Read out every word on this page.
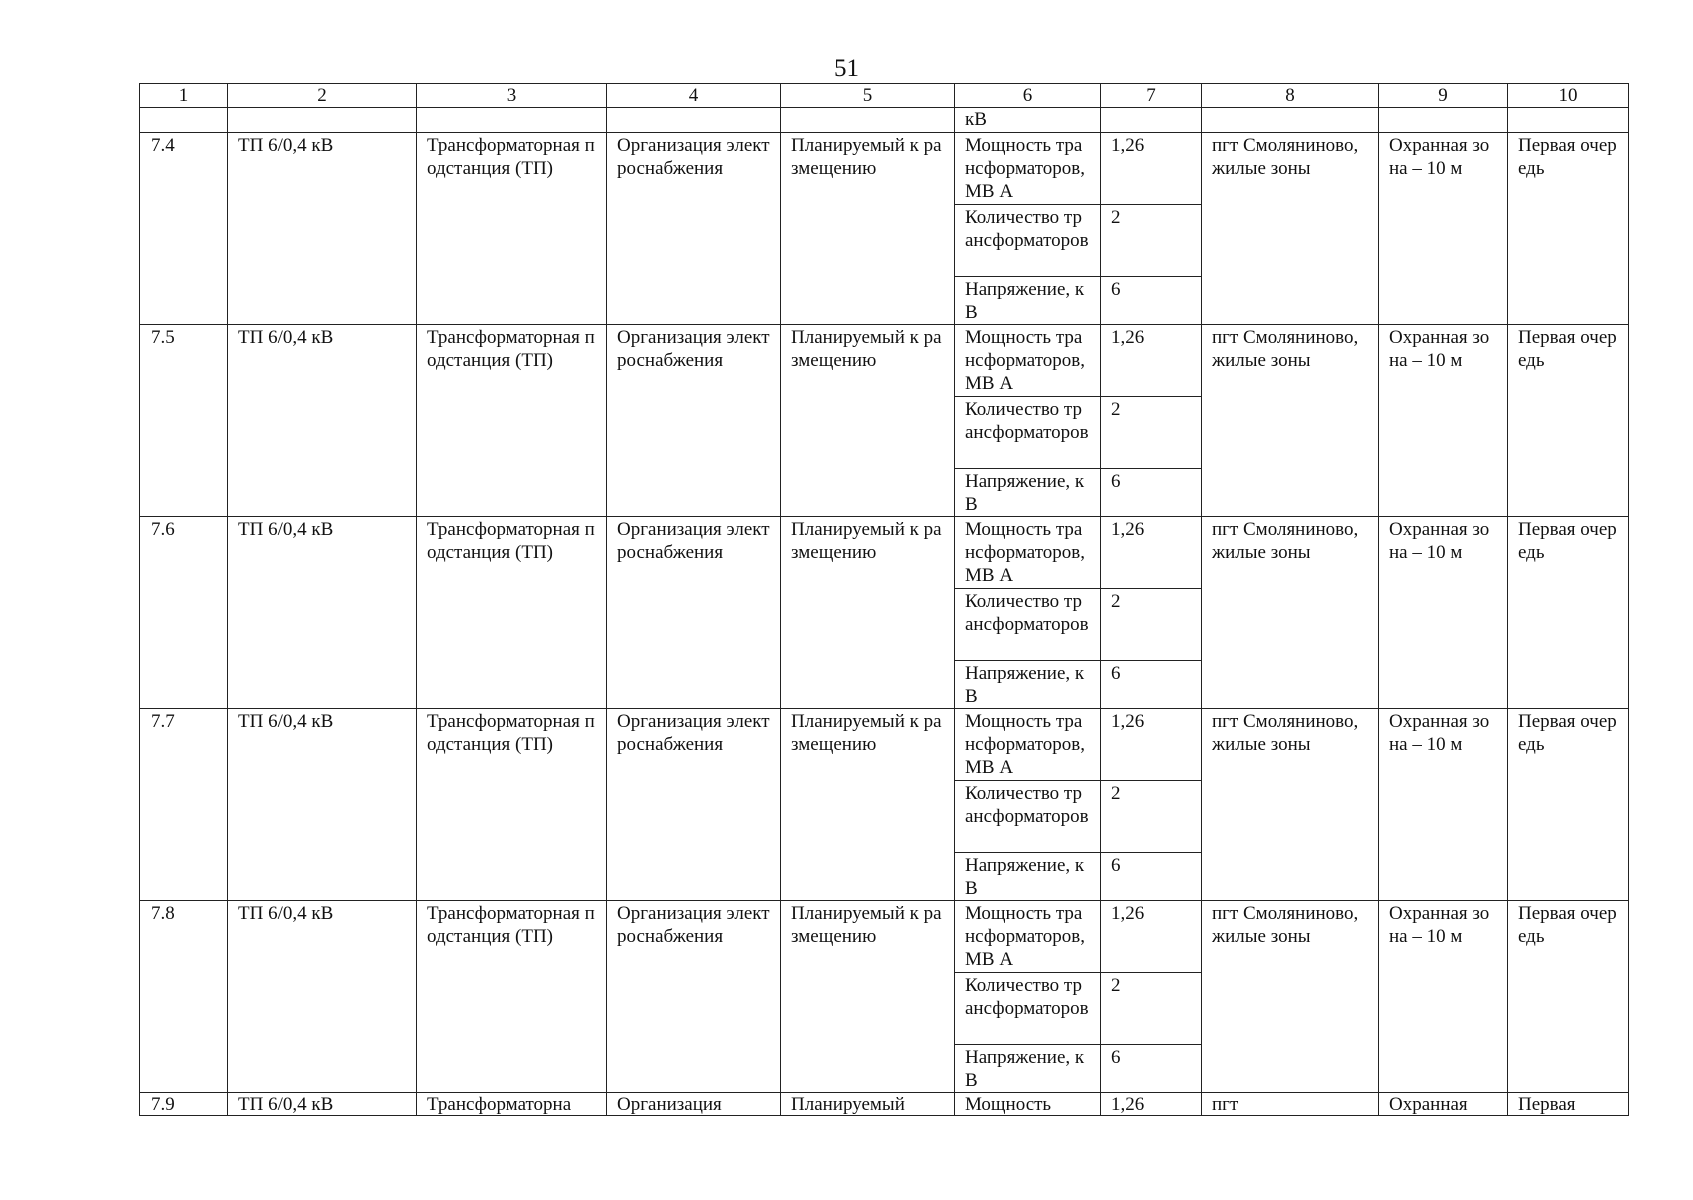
51
1	2	3	4	5	6	7	8	9	10
					кВ				
7.4	ТП 6/0,4 кВ	Трансформаторная подстанция (ТП)	Организация электроснабжения	Планируемый к размещению	Мощность трансформаторов, МВ А	1,26	пгт Смоляниново, жилые зоны	Охранная зона – 10 м	Первая очередь
					Количество трансформаторов	2			
					Напряжение, кВ	6			
7.5	ТП 6/0,4 кВ	Трансформаторная подстанция (ТП)	Организация электроснабжения	Планируемый к размещению	Мощность трансформаторов, МВ А	1,26	пгт Смоляниново, жилые зоны	Охранная зона – 10 м	Первая очередь
					Количество трансформаторов	2			
					Напряжение, кВ	6			
7.6	ТП 6/0,4 кВ	Трансформаторная подстанция (ТП)	Организация электроснабжения	Планируемый к размещению	Мощность трансформаторов, МВ А	1,26	пгт Смоляниново, жилые зоны	Охранная зона – 10 м	Первая очередь
					Количество трансформаторов	2			
					Напряжение, кВ	6			
7.7	ТП 6/0,4 кВ	Трансформаторная подстанция (ТП)	Организация электроснабжения	Планируемый к размещению	Мощность трансформаторов, МВ А	1,26	пгт Смоляниново, жилые зоны	Охранная зона – 10 м	Первая очередь
					Количество трансформаторов	2			
					Напряжение, кВ	6			
7.8	ТП 6/0,4 кВ	Трансформаторная подстанция (ТП)	Организация электроснабжения	Планируемый к размещению	Мощность трансформаторов, МВ А	1,26	пгт Смоляниново, жилые зоны	Охранная зона – 10 м	Первая очередь
					Количество трансформаторов	2			
					Напряжение, кВ	6			
7.9	ТП 6/0,4 кВ	Трансформаторна	Организация	Планируемый	Мощность	1,26	пгт	Охранная	Первая
